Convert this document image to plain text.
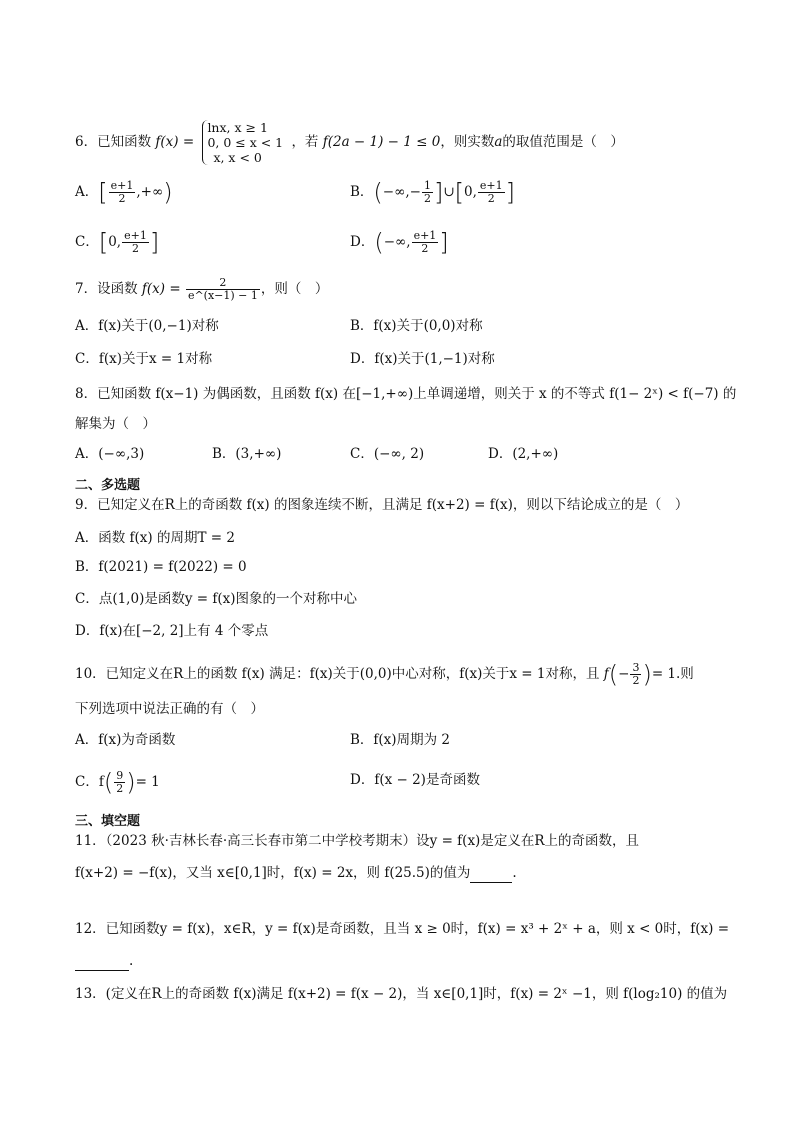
6．已知函数 f(x) =
lnx, x ≥ 1
0, 0 ≤ x < 1
x, x < 0
，若 f(2a − 1) − 1 ≤ 0，则实数a的取值范围是（　）
A．[ $\frac{e+1}{2}$ ,+∞)	B．(−∞,− $\frac{1}{2}$ ]∪[0, $\frac{e+1}{2}$ ]
C．[0, $\frac{e+1}{2}$ ]	D．(−∞, $\frac{e+1}{2}$ ]
7．设函数 $f(x) = \frac{2}{e\^{}(x-1) - 1}$ ，则（　）
A．f(x)关于(0,−1)对称	B．f(x)关于(0,0)对称
C．f(x)关于x = 1对称	D．f(x)关于(1,−1)对称
8．已知函数 f(x−1) 为偶函数，且函数 f(x) 在[−1,+∞)上单调递增，则关于 x 的不等式 f(1− 2ˣ) < f(−7) 的
解集为（　）
A．(−∞,3)	B．(3,+∞)	C．(−∞, 2)	D．(2,+∞)
二、多选题
9．已知定义在R上的奇函数 f(x) 的图象连续不断，且满足 f(x+2) = f(x)，则以下结论成立的是（　）
A．函数 f(x) 的周期T = 2
B．f(2021) = f(2022) = 0
C．点(1,0)是函数y = f(x)图象的一个对称中心
D．f(x)在[−2, 2]上有 4 个零点
10．已知定义在R上的函数 f(x) 满足：f(x)关于(0,0)中心对称，f(x)关于x = 1对称，且 $f(- \frac{3}{2}$ )= 1.则
下列选项中说法正确的有（　）
A．f(x)为奇函数	B．f(x)周期为 2
C．$f( \frac{9}{2}$ )= 1	D．f(x − 2)是奇函数
三、填空题
11．（2023 秋·吉林长春·高三长春市第二中学校考期末）设y = f(x)是定义在R上的奇函数，且
f(x+2) = −f(x)，又当 x∈[0,1]时，f(x) = 2x，则 f(25.5)的值为	.
12．已知函数y = f(x)，x∈R，y = f(x)是奇函数，且当 x ≥ 0时，f(x) = x³ + 2ˣ + a，则 x < 0时，f(x) =
.
13．(定义在R上的奇函数 f(x)满足 f(x+2) = f(x − 2)，当 x∈[0,1]时，f(x) = 2ˣ −1，则 f(log₂10) 的值为
